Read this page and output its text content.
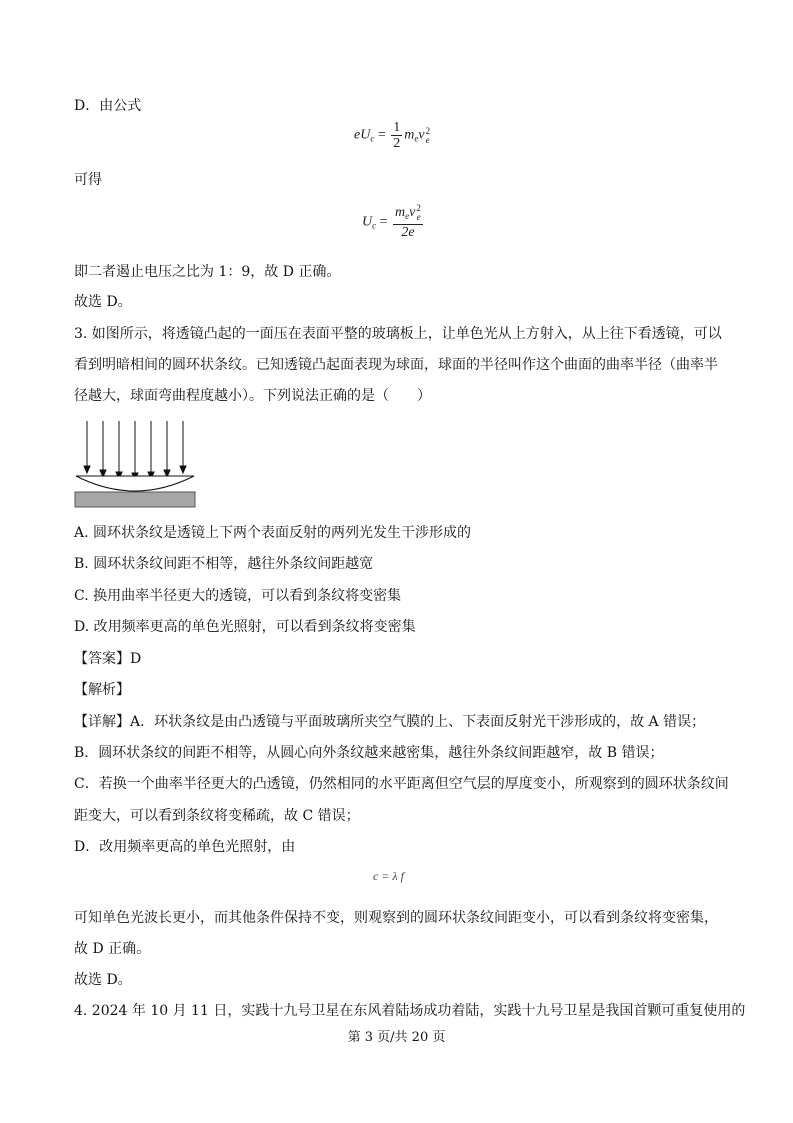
D．由公式
$eU_c = \frac{1}{2} m_ev$ 2
e
可得
$U_c = m_ev$ 2
e
2e
即二者遏止电压之比为 1：9，故 D 正确。
故选 D。
3. 如图所示，将透镜凸起的一面压在表面平整的玻璃板上，让单色光从上方射入，从上往下看透镜，可以
看到明暗相间的圆环状条纹。已知透镜凸起面表现为球面，球面的半径叫作这个曲面的曲率半径（曲率半
径越大，球面弯曲程度越小）。下列说法正确的是（　　）
A. 圆环状条纹是透镜上下两个表面反射的两列光发生干涉形成的
B. 圆环状条纹间距不相等，越往外条纹间距越宽
C. 换用曲率半径更大的透镜，可以看到条纹将变密集
D. 改用频率更高的单色光照射，可以看到条纹将变密集
【答案】D
【解析】
【详解】A．环状条纹是由凸透镜与平面玻璃所夹空气膜的上、下表面反射光干涉形成的，故 A 错误；
B．圆环状条纹的间距不相等，从圆心向外条纹越来越密集，越往外条纹间距越窄，故 B 错误；
C．若换一个曲率半径更大的凸透镜，仍然相同的水平距离但空气层的厚度变小，所观察到的圆环状条纹间
距变大，可以看到条纹将变稀疏，故 C 错误；
D．改用频率更高的单色光照射，由
c = λ f
可知单色光波长更小，而其他条件保持不变，则观察到的圆环状条纹间距变小，可以看到条纹将变密集，
故 D 正确。
故选 D。
4. 2024 年 10 月 11 日，实践十九号卫星在东风着陆场成功着陆，实践十九号卫星是我国首颗可重复使用的
第 3 页/共 20 页
